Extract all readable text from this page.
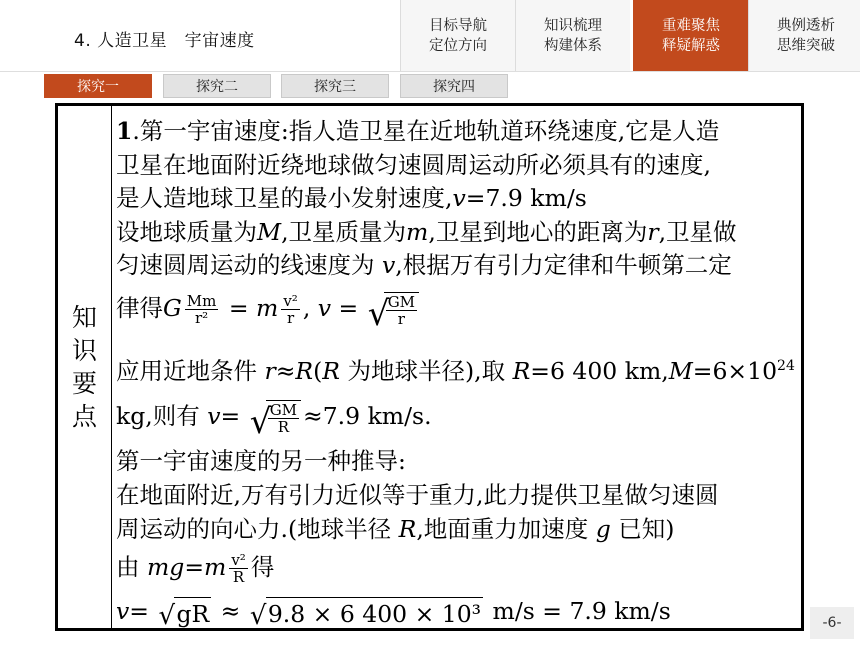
4. 人造卫星　宇宙速度
目标导航
定位方向
知识梳理
构建体系
重难聚焦
释疑解惑
典例透析
思维突破
探究一	探究二	探究三	探究四
知识要点
1.第一宇宙速度:指人造卫星在近地轨道环绕速度,它是人造
卫星在地面附近绕地球做匀速圆周运动所必须具有的速度,
是人造地球卫星的最小发射速度,v=7.9 km/s
设地球质量为M,卫星质量为m,卫星到地心的距离为r,卫星做
匀速圆周运动的线速度为 v,根据万有引力定律和牛顿第二定
律得G $\frac{Mm}{\text{r²}} = m \frac{\text{v²}}{r}$ , v = √
$\frac{GM}{r}$
应用近地条件 r≈R(R 为地球半径),取 R=6 400 $km,M=6\times 10^{24}$
kg,则有 v= √
$\frac{GM}{R} \approx 7.9$ km/s.
第一宇宙速度的另一种推导:
在地面附近,万有引力近似等于重力,此力提供卫星做匀速圆
周运动的向心力.(地球半径 R,地面重力加速度 g 已知)
由 $mg=m \frac{\text{v²}}{R}$ 得
v= √ gR ≈ √ 9.8 × 6 400 × 10³ m/s = 7.9 km/s	-6-
